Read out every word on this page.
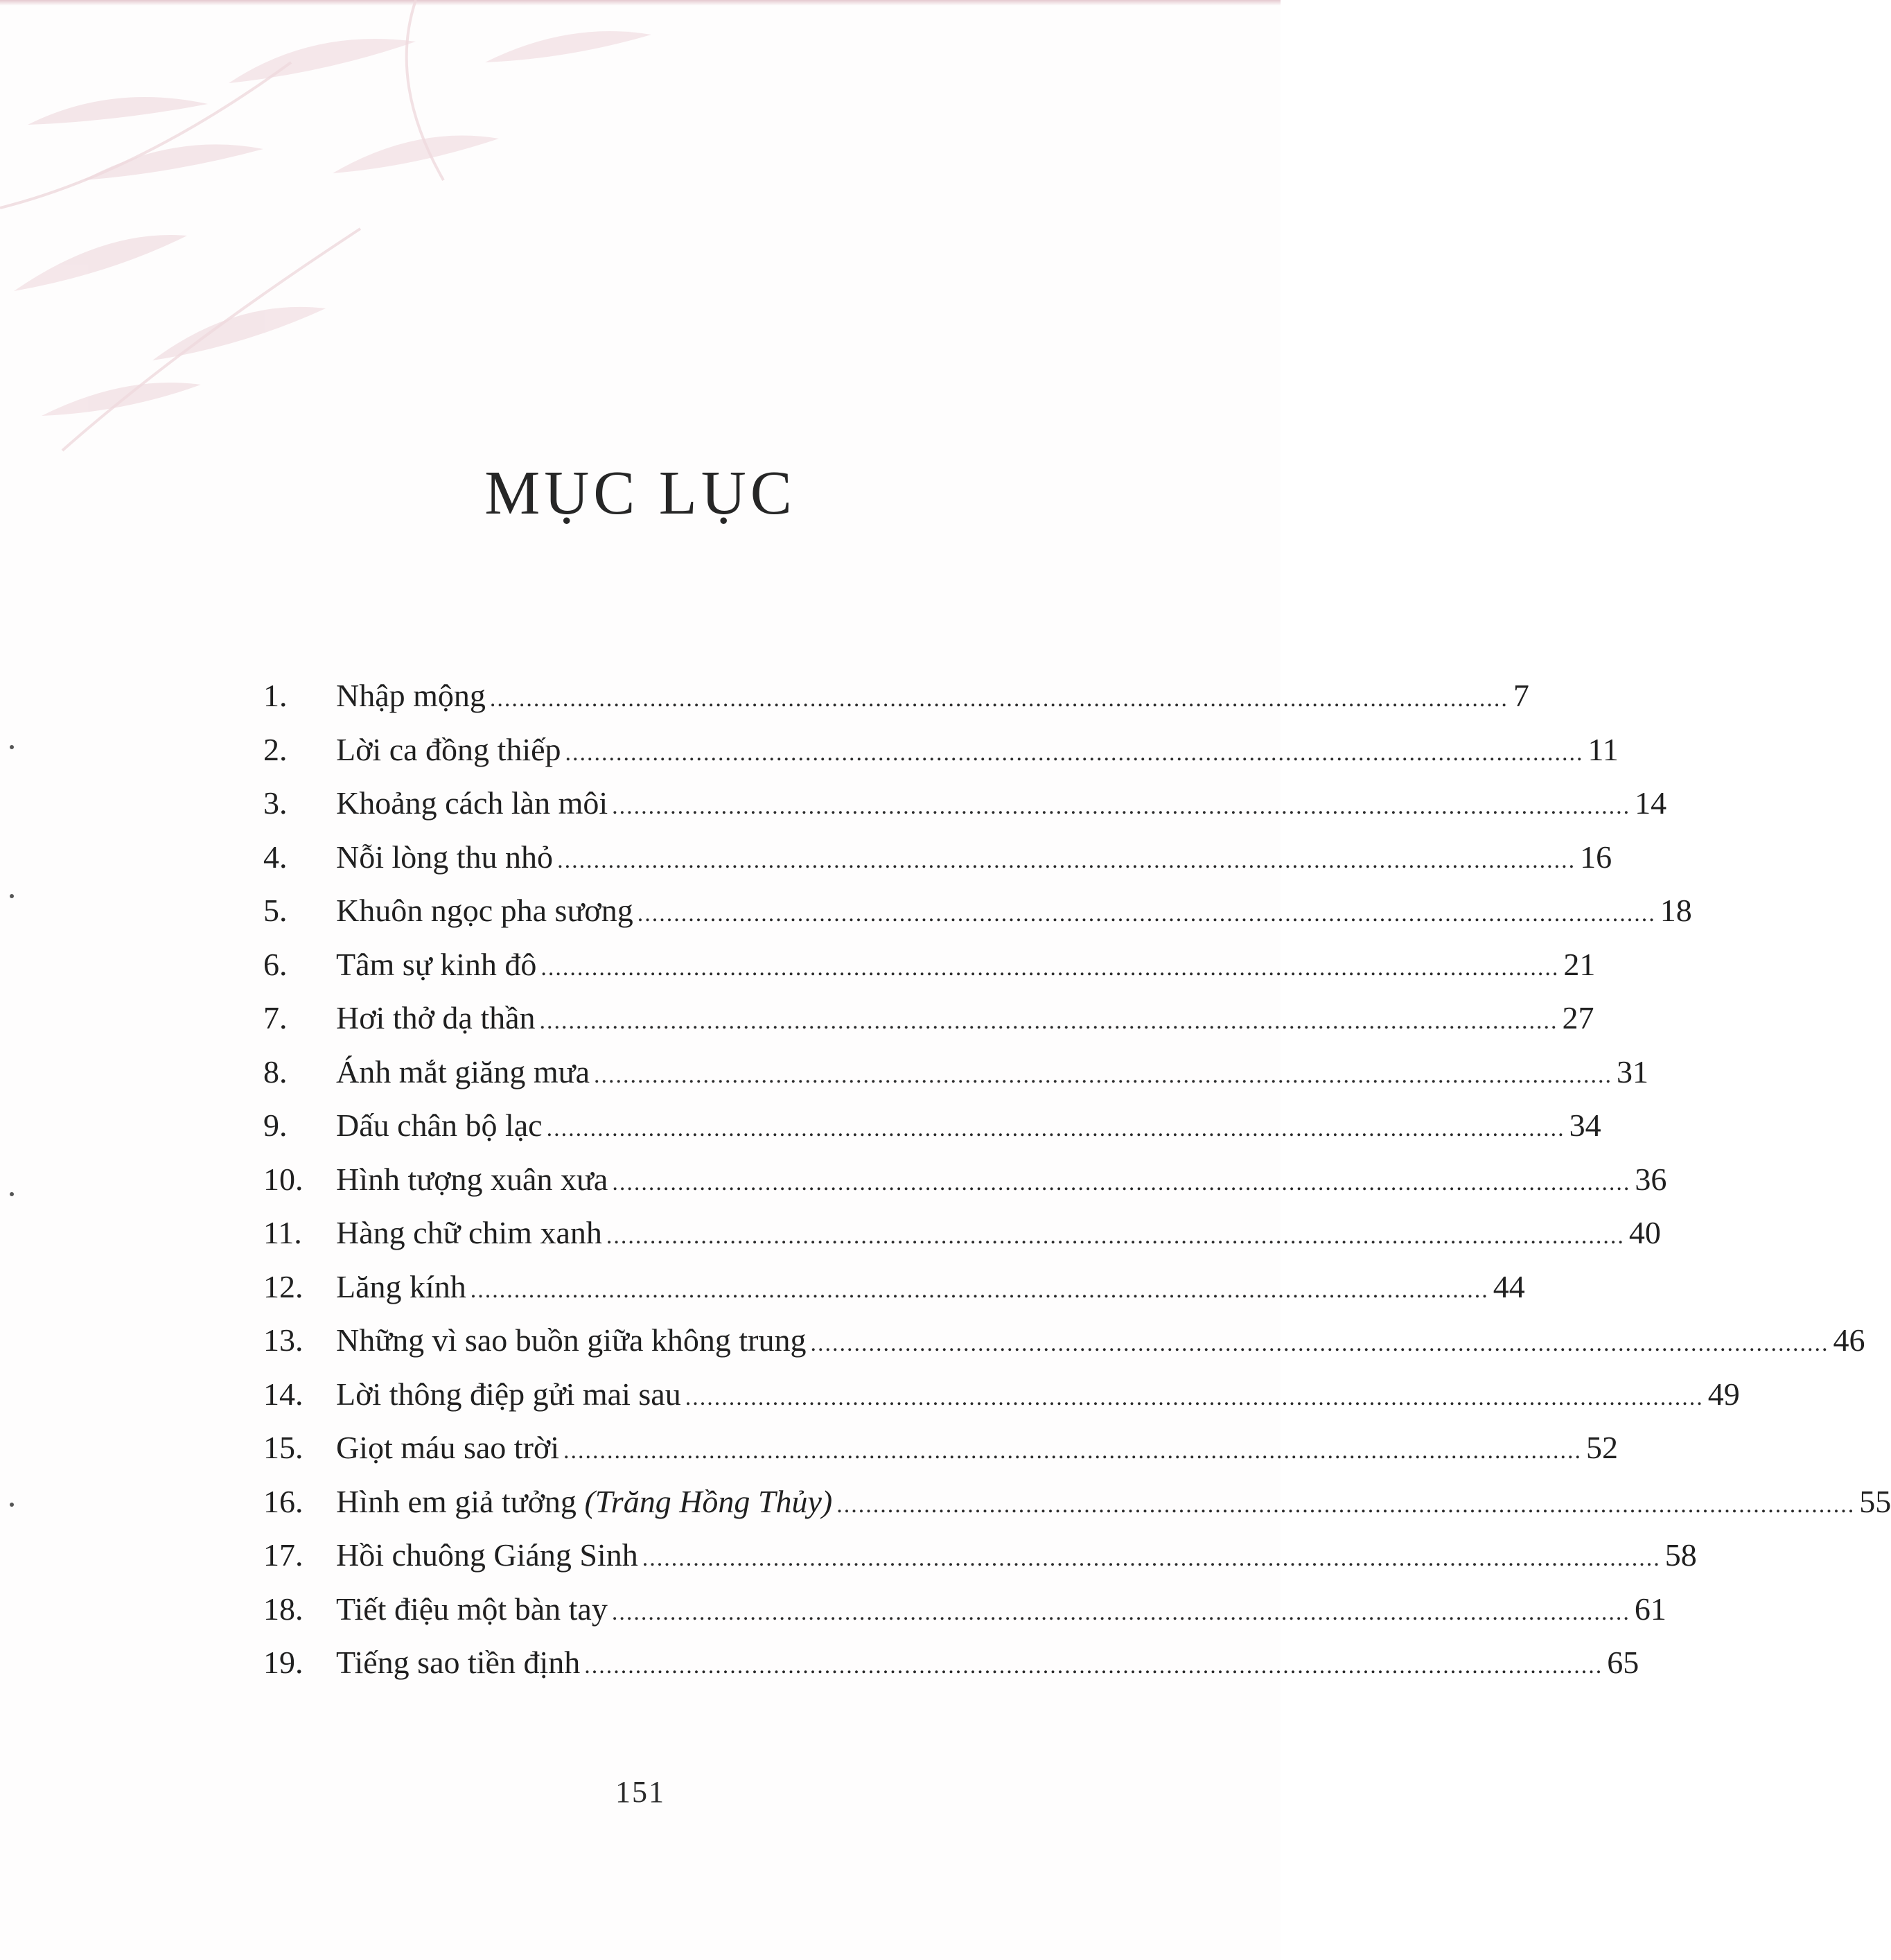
MỤC LỤC
1.	Nhập mộng ............................................................................................................................................ 7
2.	Lời ca đồng thiếp ............................................................................................................................................ 11
3.	Khoảng cách làn môi ............................................................................................................................................ 14
4.	Nỗi lòng thu nhỏ ............................................................................................................................................ 16
5.	Khuôn ngọc pha sương ............................................................................................................................................ 18
6.	Tâm sự kinh đô ............................................................................................................................................ 21
7.	Hơi thở dạ thần ............................................................................................................................................ 27
8.	Ánh mắt giăng mưa ............................................................................................................................................ 31
9.	Dấu chân bộ lạc ............................................................................................................................................ 34
10.	Hình tượng xuân xưa ............................................................................................................................................ 36
11.	Hàng chữ chim xanh ............................................................................................................................................ 40
12.	Lăng kính ............................................................................................................................................ 44
13.	Những vì sao buồn giữa không trung ............................................................................................................................................ 46
14.	Lời thông điệp gửi mai sau ............................................................................................................................................ 49
15.	Giọt máu sao trời ............................................................................................................................................ 52
16.	Hình em giả tưởng (Trăng Hồng Thủy) ............................................................................................................................................ 55
17.	Hồi chuông Giáng Sinh ............................................................................................................................................ 58
18.	Tiết điệu một bàn tay ............................................................................................................................................ 61
19.	Tiếng sao tiền định ............................................................................................................................................ 65
151
